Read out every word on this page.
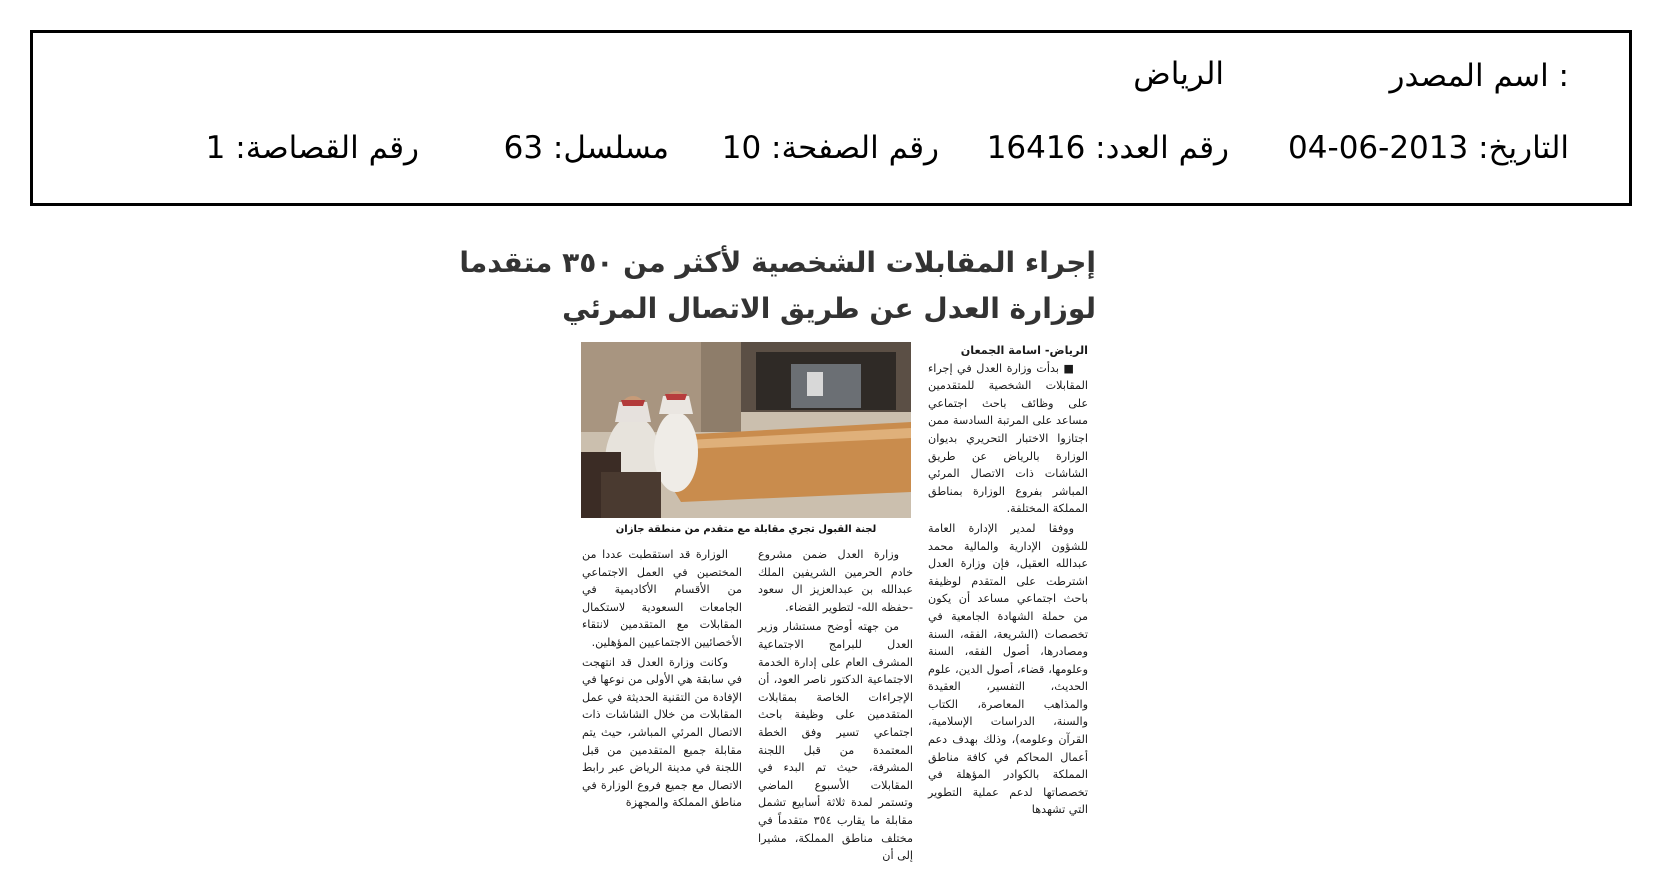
اسم المصدر :
الرياض
التاريخ: 2013-06-04
رقم العدد: 16416
رقم الصفحة: 10
مسلسل: 63
رقم القصاصة: 1
إجراء المقابلات الشخصية لأكثر من ٣٥٠ متقدما
لوزارة العدل عن طريق الاتصال المرئي
لجنة القبول تجري مقابلة مع متقدم من منطقة جازان
الرياض- اسامة الجمعان
■ بدأت وزارة العدل في إجراء المقابلات الشخصية للمتقدمين على وظائف باحث اجتماعي مساعد على المرتبة السادسة ممن اجتازوا الاختبار التحريري بديوان الوزارة بالرياض عن طريق الشاشات ذات الاتصال المرئي المباشر بفروع الوزارة بمناطق المملكة المختلفة.
ووفقا لمدير الإدارة العامة للشؤون الإدارية والمالية محمد عبدالله العقيل، فإن وزارة العدل اشترطت على المتقدم لوظيفة باحث اجتماعي مساعد أن يكون من حملة الشهادة الجامعية في تخصصات (الشريعة، الفقه، السنة ومصادرها، أصول الفقه، السنة وعلومها، قضاء، أصول الدين، علوم الحديث، التفسير، العقيدة والمذاهب المعاصرة، الكتاب والسنة، الدراسات الإسلامية، القرآن وعلومه)، وذلك بهدف دعم أعمال المحاكم في كافة مناطق المملكة بالكوادر المؤهلة في تخصصاتها لدعم عملية التطوير التي تشهدها
وزارة العدل ضمن مشروع خادم الحرمين الشريفين الملك عبدالله بن عبدالعزيز ال سعود -حفظه الله- لتطوير القضاء.
من جهته أوضح مستشار وزير العدل للبرامج الاجتماعية المشرف العام على إدارة الخدمة الاجتماعية الدكتور ناصر العود، أن الإجراءات الخاصة بمقابلات المتقدمين على وظيفة باحث اجتماعي تسير وفق الخطة المعتمدة من قبل اللجنة المشرفة، حيث تم البدء في المقابلات الأسبوع الماضي وتستمر لمدة ثلاثة أسابيع تشمل مقابلة ما يقارب ٣٥٤ متقدماً في مختلف مناطق المملكة، مشيرا إلى أن
الوزارة قد استقطبت عددا من المختصين في العمل الاجتماعي من الأقسام الأكاديمية في الجامعات السعودية لاستكمال المقابلات مع المتقدمين لانتقاء الأخصائيين الاجتماعيين المؤهلين.
وكانت وزارة العدل قد انتهجت في سابقة هي الأولى من نوعها في الإفادة من التقنية الحديثة في عمل المقابلات من خلال الشاشات ذات الاتصال المرئي المباشر، حيث يتم مقابلة جميع المتقدمين من قبل اللجنة في مدينة الرياض عبر رابط الاتصال مع جميع فروع الوزارة في مناطق المملكة والمجهزة
